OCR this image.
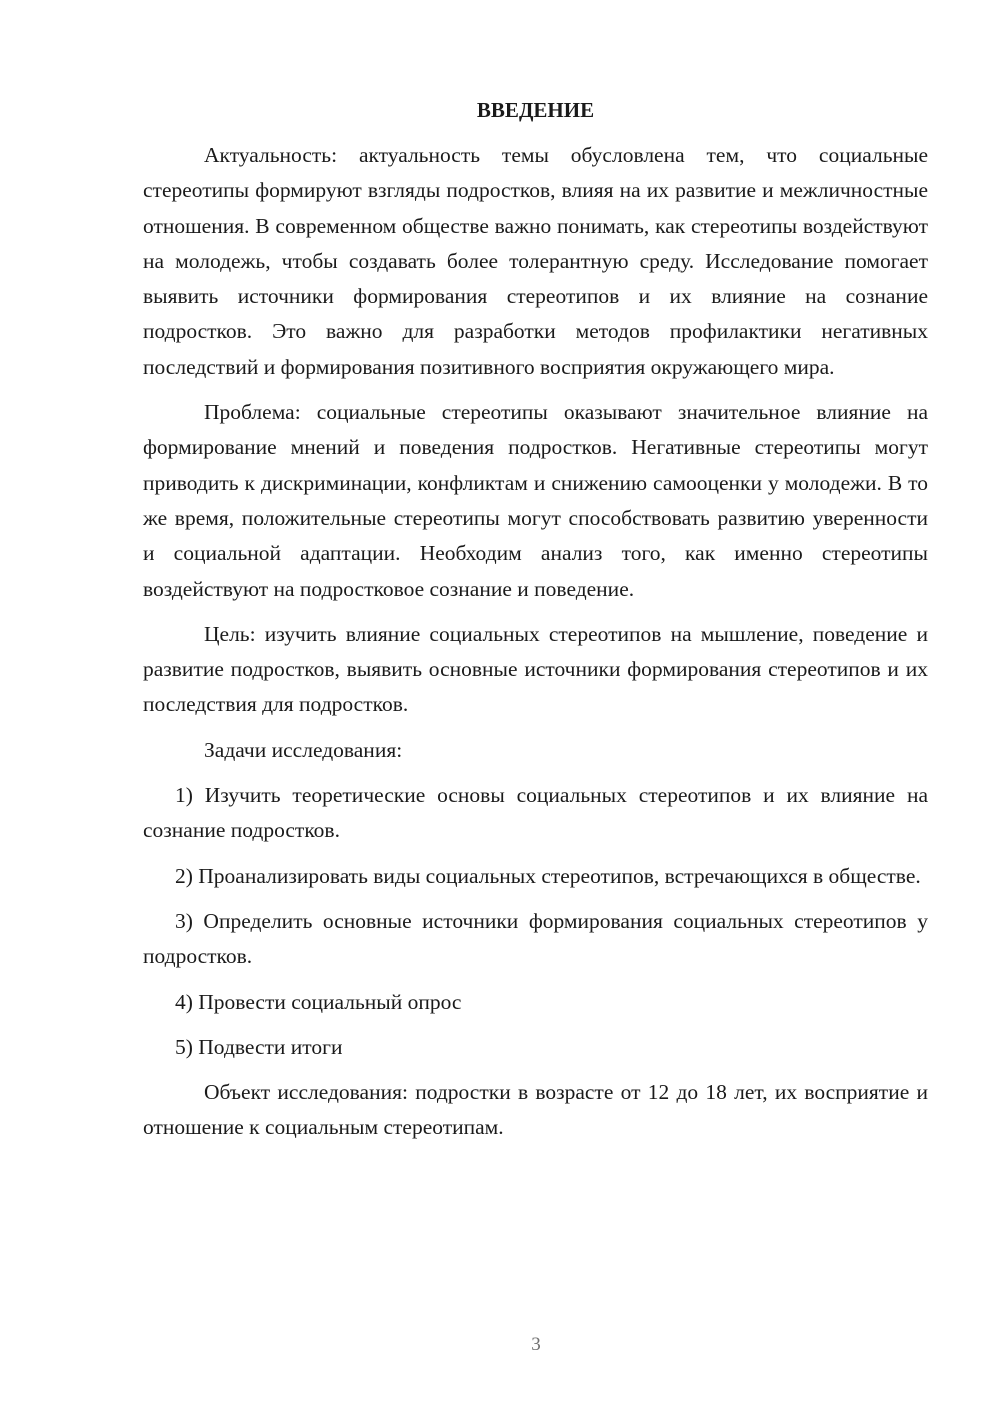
ВВЕДЕНИЕ

Актуальность: актуальность темы обусловлена тем, что социальные стереотипы формируют взгляды подростков, влияя на их развитие и межличностные отношения. В современном обществе важно понимать, как стереотипы воздействуют на молодежь, чтобы создавать более толерантную среду. Исследование помогает выявить источники формирования стереотипов и их влияние на сознание подростков. Это важно для разработки методов профилактики негативных последствий и формирования позитивного восприятия окружающего мира.

Проблема: социальные стереотипы оказывают значительное влияние на формирование мнений и поведения подростков. Негативные стереотипы могут приводить к дискриминации, конфликтам и снижению самооценки у молодежи. В то же время, положительные стереотипы могут способствовать развитию уверенности и социальной адаптации. Необходим анализ того, как именно стереотипы воздействуют на подростковое сознание и поведение.

Цель: изучить влияние социальных стереотипов на мышление, поведение и развитие подростков, выявить основные источники формирования стереотипов и их последствия для подростков.

Задачи исследования:

1) Изучить теоретические основы социальных стереотипов и их влияние на сознание подростков.

2) Проанализировать виды социальных стереотипов, встречающихся в обществе.

3) Определить основные источники формирования социальных стереотипов у подростков.

4) Провести социальный опрос

5) Подвести итоги

Объект исследования: подростки в возрасте от 12 до 18 лет, их восприятие и отношение к социальным стереотипам.

3
